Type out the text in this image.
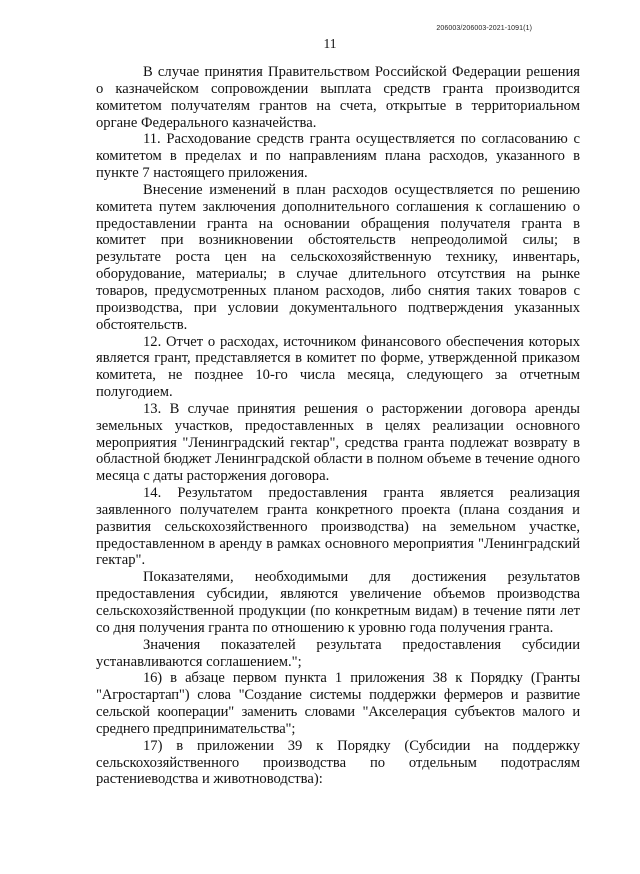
206003/206003-2021-1091(1)
11

В случае принятия Правительством Российской Федерации решения о казначейском сопровождении выплата средств гранта производится комитетом получателям грантов на счета, открытые в территориальном органе Федерального казначейства.

11. Расходование средств гранта осуществляется по согласованию с комитетом в пределах и по направлениям плана расходов, указанного в пункте 7 настоящего приложения.

Внесение изменений в план расходов осуществляется по решению комитета путем заключения дополнительного соглашения к соглашению о предоставлении гранта на основании обращения получателя гранта в комитет при возникновении обстоятельств непреодолимой силы; в результате роста цен на сельскохозяйственную технику, инвентарь, оборудование, материалы; в случае длительного отсутствия на рынке товаров, предусмотренных планом расходов, либо снятия таких товаров с производства, при условии документального подтверждения указанных обстоятельств.

12. Отчет о расходах, источником финансового обеспечения которых является грант, представляется в комитет по форме, утвержденной приказом комитета, не позднее 10-го числа месяца, следующего за отчетным полугодием.

13. В случае принятия решения о расторжении договора аренды земельных участков, предоставленных в целях реализации основного мероприятия "Ленинградский гектар", средства гранта подлежат возврату в областной бюджет Ленинградской области в полном объеме в течение одного месяца с даты расторжения договора.

14. Результатом предоставления гранта является реализация заявленного получателем гранта конкретного проекта (плана создания и развития сельскохозяйственного производства) на земельном участке, предоставленном в аренду в рамках основного мероприятия "Ленинградский гектар".

Показателями, необходимыми для достижения результатов предоставления субсидии, являются увеличение объемов производства сельскохозяйственной продукции (по конкретным видам) в течение пяти лет со дня получения гранта по отношению к уровню года получения гранта.

Значения показателей результата предоставления субсидии устанавливаются соглашением.";

16) в абзаце первом пункта 1 приложения 38 к Порядку (Гранты "Агростартап") слова "Создание системы поддержки фермеров и развитие сельской кооперации" заменить словами "Акселерация субъектов малого и среднего предпринимательства";

17) в приложении 39 к Порядку (Субсидии на поддержку сельскохозяйственного производства по отдельным подотраслям растениеводства и животноводства):
